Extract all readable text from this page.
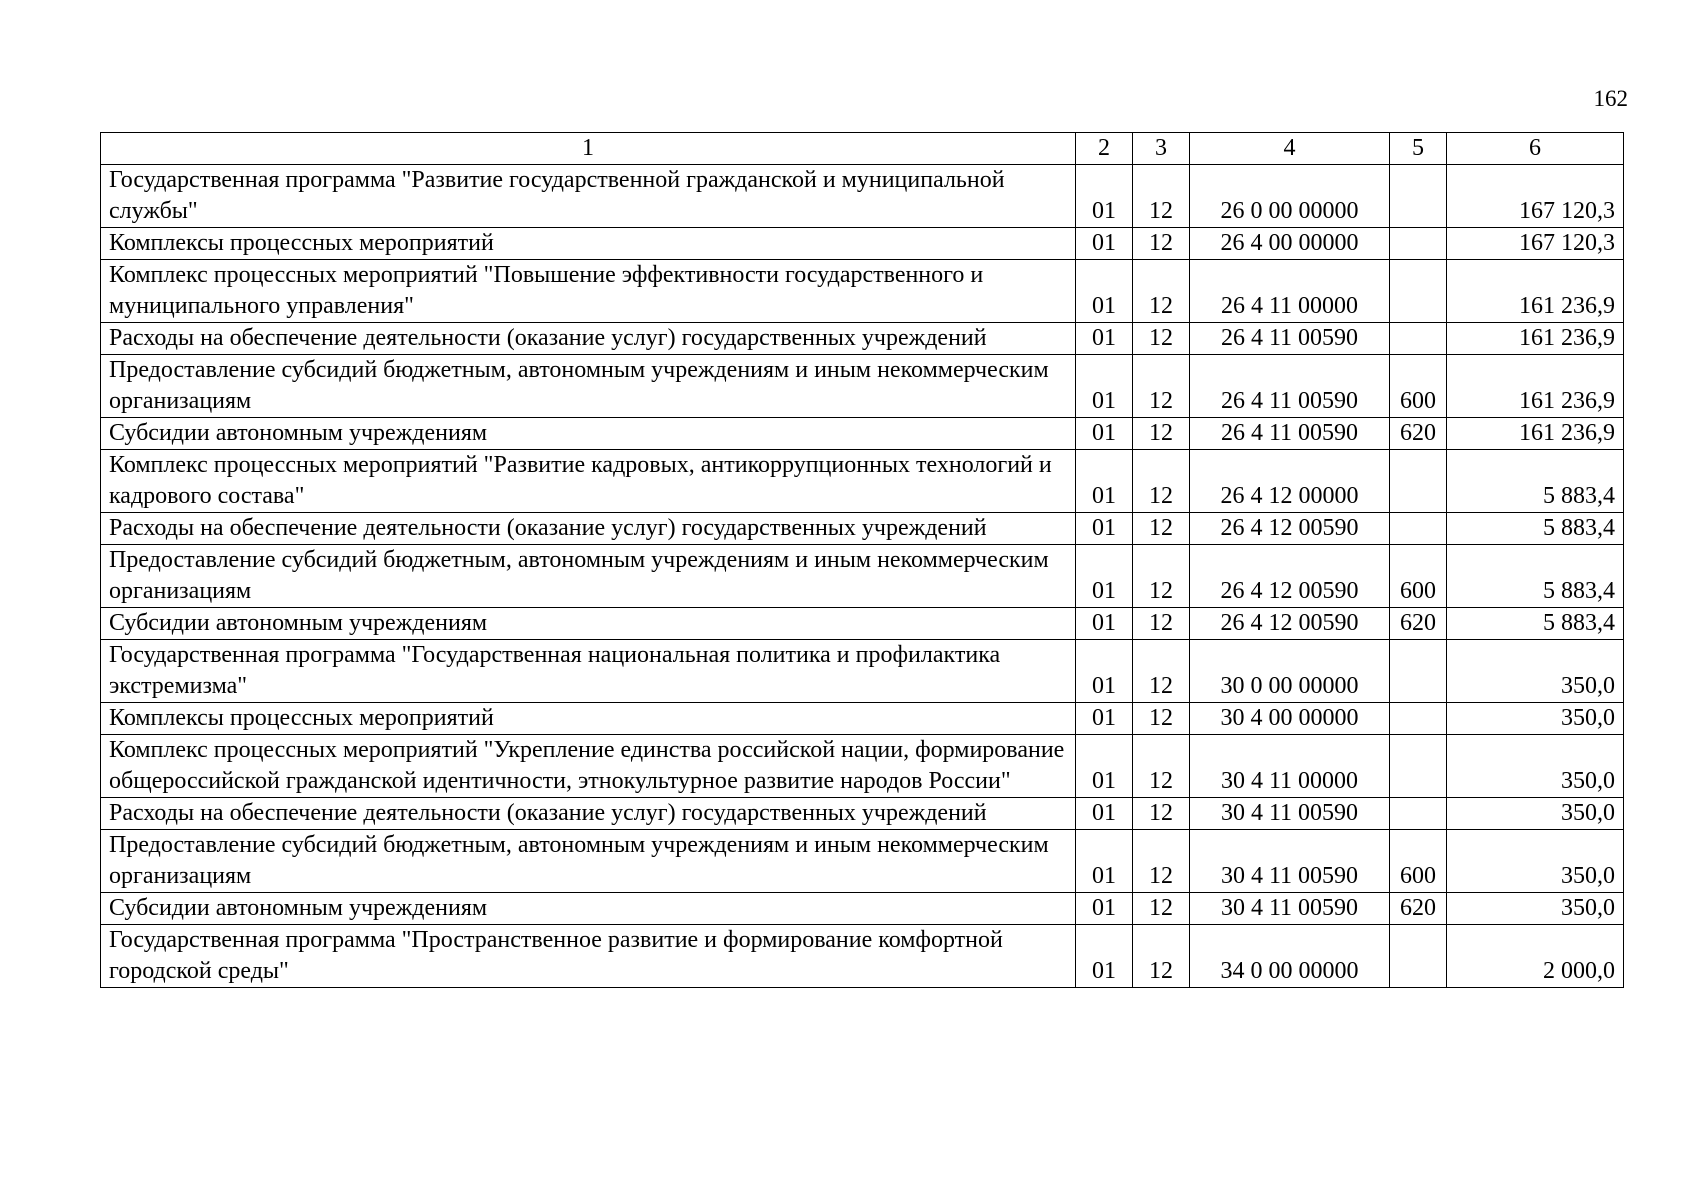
162
1	2	3	4	5	6
Государственная программа "Развитие государственной гражданской и муниципальной службы"	01	12	26 0 00 00000		167 120,3
Комплексы процессных мероприятий	01	12	26 4 00 00000		167 120,3
Комплекс процессных мероприятий "Повышение эффективности государственного и муниципального управления"	01	12	26 4 11 00000		161 236,9
Расходы на обеспечение деятельности (оказание услуг) государственных учреждений	01	12	26 4 11 00590		161 236,9
Предоставление субсидий бюджетным, автономным учреждениям и иным некоммерческим организациям	01	12	26 4 11 00590	600	161 236,9
Субсидии автономным учреждениям	01	12	26 4 11 00590	620	161 236,9
Комплекс процессных мероприятий "Развитие кадровых, антикоррупционных технологий и кадрового состава"	01	12	26 4 12 00000		5 883,4
Расходы на обеспечение деятельности (оказание услуг) государственных учреждений	01	12	26 4 12 00590		5 883,4
Предоставление субсидий бюджетным, автономным учреждениям и иным некоммерческим организациям	01	12	26 4 12 00590	600	5 883,4
Субсидии автономным учреждениям	01	12	26 4 12 00590	620	5 883,4
Государственная программа "Государственная национальная политика и профилактика экстремизма"	01	12	30 0 00 00000		350,0
Комплексы процессных мероприятий	01	12	30 4 00 00000		350,0
Комплекс процессных мероприятий "Укрепление единства российской нации, формирование общероссийской гражданской идентичности, этнокультурное развитие народов России"	01	12	30 4 11 00000		350,0
Расходы на обеспечение деятельности (оказание услуг) государственных учреждений	01	12	30 4 11 00590		350,0
Предоставление субсидий бюджетным, автономным учреждениям и иным некоммерческим организациям	01	12	30 4 11 00590	600	350,0
Субсидии автономным учреждениям	01	12	30 4 11 00590	620	350,0
Государственная программа "Пространственное развитие и формирование комфортной городской среды"	01	12	34 0 00 00000		2 000,0
